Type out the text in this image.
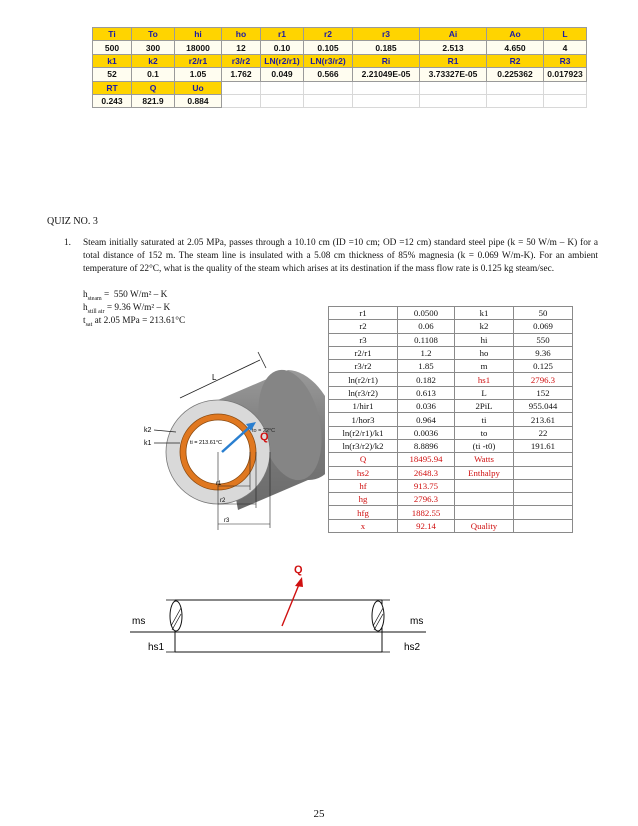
Ti	To	hi	ho	r1	r2	r3	Ai	Ao	L
500	300	18000	12	0.10	0.105	0.185	2.513	4.650	4
k1	k2	r2/r1	r3/r2	LN(r2/r1)	LN(r3/r2)	Ri	R1	R2	R3
52	0.1	1.05	1.762	0.049	0.566	2.21049E-05	3.73327E-05	0.225362	0.017923
RT	Q	Uo							
0.243	821.9	0.884							
QUIZ NO. 3
1. Steam initially saturated at 2.05 MPa, passes through a 10.10 cm (ID =10 cm; OD =12 cm) standard steel pipe (k = 50 W/m – K) for a total distance of 152 m. The steam line is insulated with a 5.08 cm thickness of 85% magnesia (k = 0.069 W/m-K). For an ambient temperature of 22°C, what is the quality of the steam which arises at its destination if the mass flow rate is 0.125 kg steam/sec.
$h_{steam} = 550$ W/m² – K
$h_{still air} = 9.36$ W/m² – K
$t_{sat}$ at 2.05 MPa = 213.61°C
r1	0.0500	k1	50
r2	0.06	k2	0.069
r3	0.1108	hi	550
r2/r1	1.2	ho	9.36
r3/r2	1.85	m	0.125
ln(r2/r1)	0.182	hs1	2796.3
ln(r3/r2)	0.613	L	152
1/hir1	0.036	2PiL	955.044
1/hor3	0.964	ti	213.61
ln(r2/r1)/k1	0.0036	to	22
ln(r3/r2)/k2	8.8896	(ti -t0)	191.61
Q	18495.94	Watts	
hs2	2648.3	Enthalpy	
hf	913.75		
hg	2796.3		
hfg	1882.55		
x	92.14	Quality	
L
k2
k1
Q
ti = 213.61°C
to = 22°C
r1
r2
r3
Q
ms	ms
hs1	hs2
25
